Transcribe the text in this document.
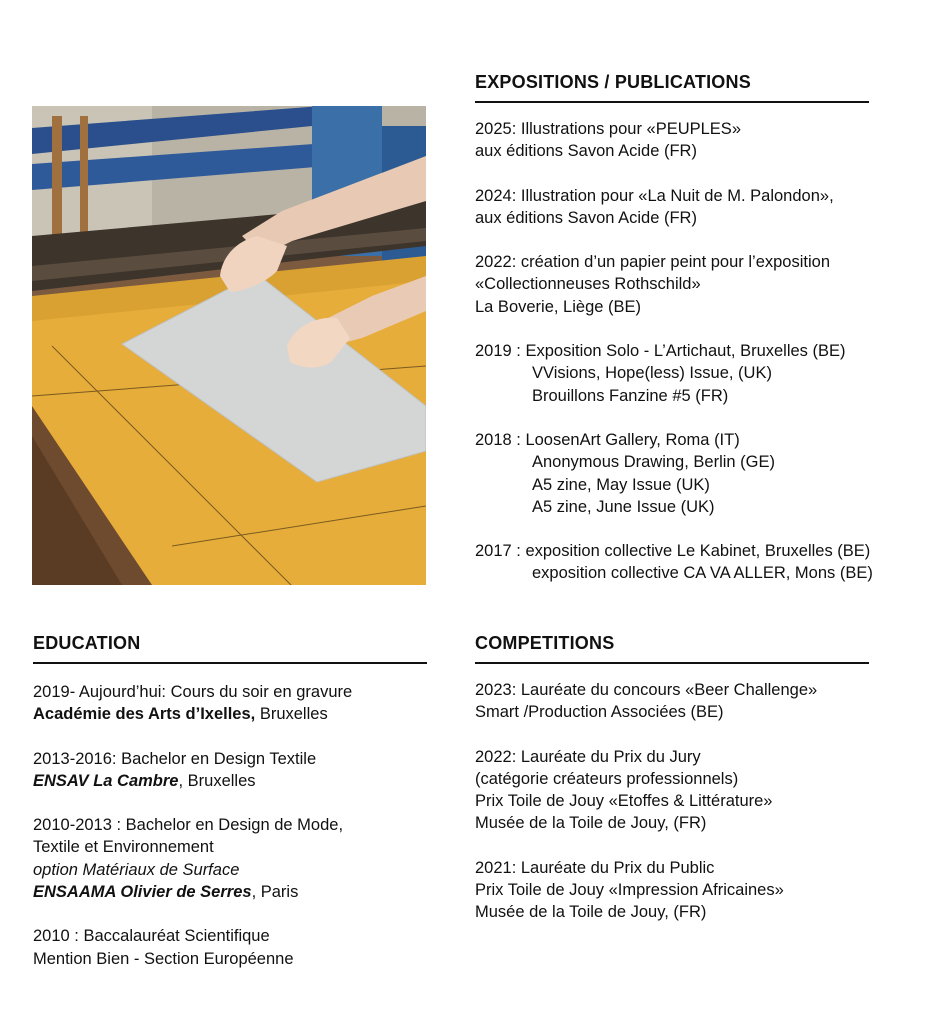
EXPOSITIONS / PUBLICATIONS
2025: Illustrations pour «PEUPLES»
aux éditions Savon Acide (FR)
2024: Illustration pour «La Nuit de M. Palondon»,
aux éditions Savon Acide (FR)
2022: création d’un papier peint pour l’exposition
«Collectionneuses Rothschild»
La Boverie, Liège (BE)
2019 : Exposition Solo - L’Artichaut, Bruxelles (BE)
VVisions, Hope(less) Issue, (UK)
Brouillons Fanzine #5 (FR)
2018 : LoosenArt Gallery, Roma (IT)
Anonymous Drawing, Berlin (GE)
A5 zine, May Issue (UK)
A5 zine, June Issue (UK)
2017 : exposition collective Le Kabinet, Bruxelles (BE)
exposition collective CA VA ALLER, Mons (BE)
EDUCATION
2019- Aujourd’hui: Cours du soir en gravure
Académie des Arts d’Ixelles, Bruxelles
2013-2016: Bachelor en Design Textile
ENSAV La Cambre, Bruxelles
2010-2013 : Bachelor en Design de Mode,
Textile et Environnement
option Matériaux de Surface
ENSAAMA Olivier de Serres, Paris
2010 : Baccalauréat Scientifique
Mention Bien - Section Européenne
COMPETITIONS
2023: Lauréate du concours «Beer Challenge»
Smart /Production Associées (BE)
2022: Lauréate du Prix du Jury
(catégorie créateurs professionnels)
Prix Toile de Jouy «Etoffes & Littérature»
Musée de la Toile de Jouy, (FR)
2021: Lauréate du Prix du Public
Prix Toile de Jouy «Impression Africaines»
Musée de la Toile de Jouy, (FR)
